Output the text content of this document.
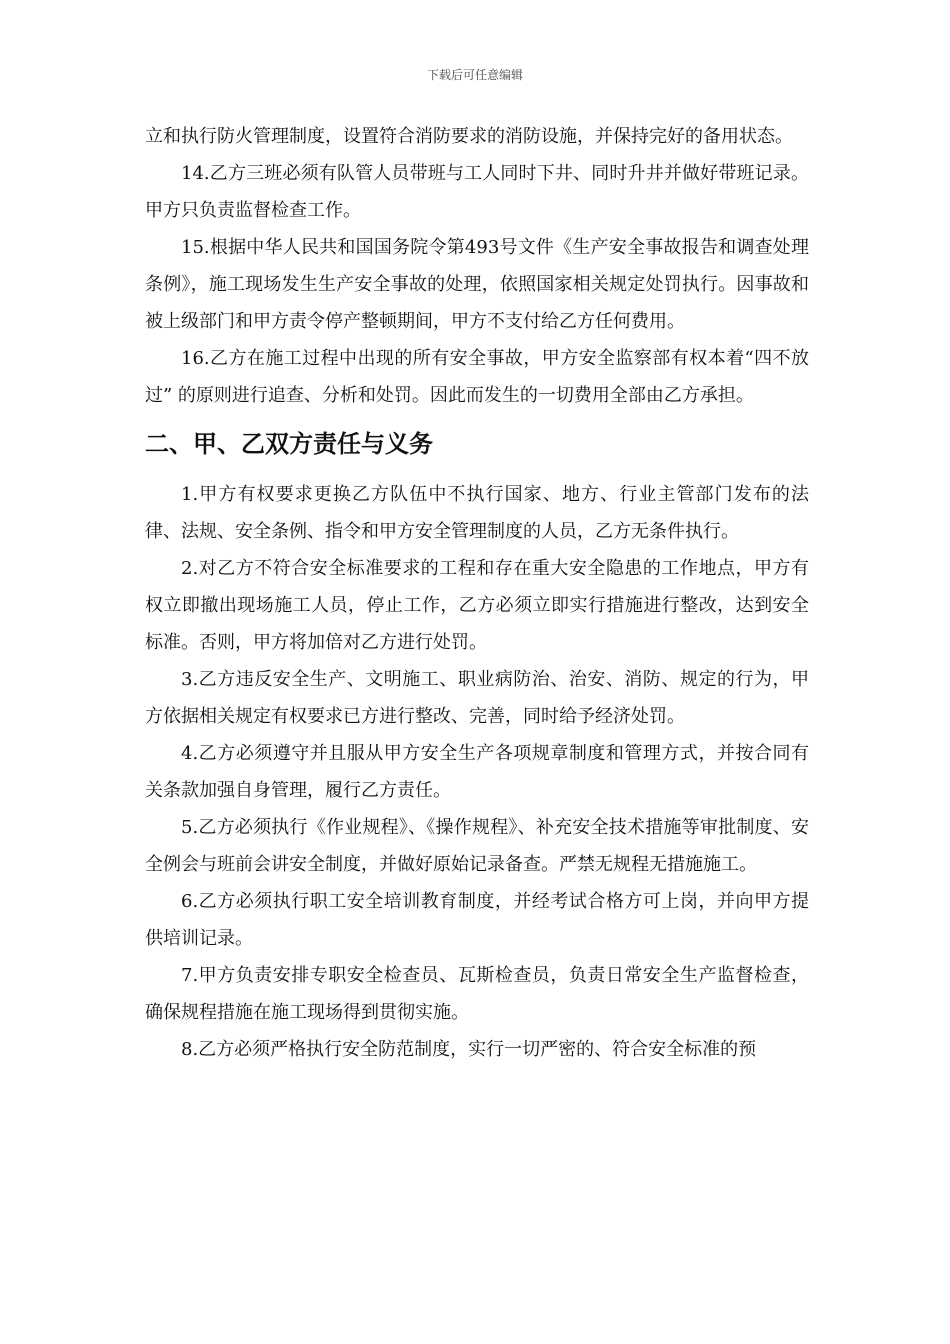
下载后可任意编辑

立和执行防火管理制度，设置符合消防要求的消防设施，并保持完好的备用状态。

14.乙方三班必须有队管人员带班与工人同时下井、同时升井并做好带班记录。甲方只负责监督检查工作。

15.根据中华人民共和国国务院令第493号文件《生产安全事故报告和调查处理条例》，施工现场发生生产安全事故的处理，依照国家相关规定处罚执行。因事故和被上级部门和甲方责令停产整顿期间，甲方不支付给乙方任何费用。

16.乙方在施工过程中出现的所有安全事故，甲方安全监察部有权本着“四不放过” 的原则进行追查、分析和处罚。因此而发生的一切费用全部由乙方承担。

二、甲、乙双方责任与义务

1.甲方有权要求更换乙方队伍中不执行国家、地方、行业主管部门发布的法律、法规、安全条例、指令和甲方安全管理制度的人员，乙方无条件执行。

2.对乙方不符合安全标准要求的工程和存在重大安全隐患的工作地点，甲方有权立即撤出现场施工人员，停止工作，乙方必须立即实行措施进行整改，达到安全标准。否则，甲方将加倍对乙方进行处罚。

3.乙方违反安全生产、文明施工、职业病防治、治安、消防、规定的行为，甲方依据相关规定有权要求已方进行整改、完善，同时给予经济处罚。

4.乙方必须遵守并且服从甲方安全生产各项规章制度和管理方式，并按合同有关条款加强自身管理，履行乙方责任。

5.乙方必须执行《作业规程》、《操作规程》、补充安全技术措施等审批制度、安全例会与班前会讲安全制度，并做好原始记录备查。严禁无规程无措施施工。

6.乙方必须执行职工安全培训教育制度，并经考试合格方可上岗，并向甲方提供培训记录。

7.甲方负责安排专职安全检查员、瓦斯检查员，负责日常安全生产监督检查，确保规程措施在施工现场得到贯彻实施。

8.乙方必须严格执行安全防范制度，实行一切严密的、符合安全标准的预
